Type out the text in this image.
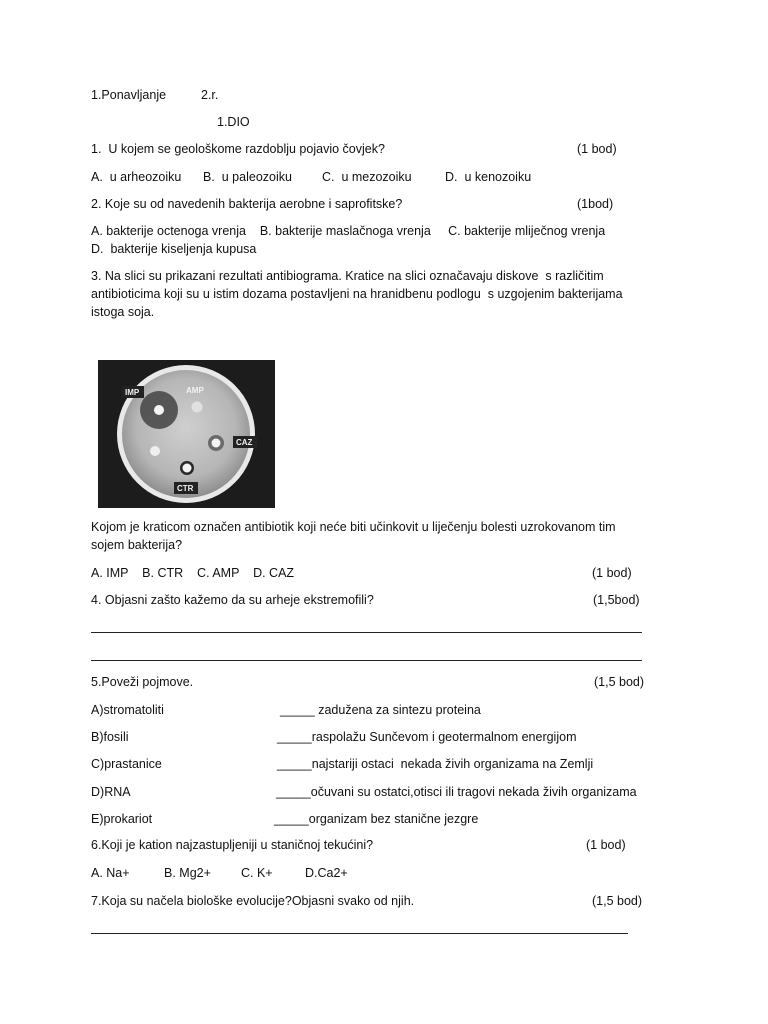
1.Ponavljanje	2.r.
1.DIO
1.  U kojem se geološkome razdoblju pojavio čovjek?	(1 bod)
A.  u arheozoiku B.  u paleozoiku C.  u mezozoiku	D.  u kenozoiku
2. Koje su od navedenih bakterija aerobne i saprofitske?	(1bod)
A. bakterije octenoga vrenja    B. bakterije maslačnoga vrenja     C. bakterije mliječnog vrenja
D.  bakterije kiseljenja kupusa
3. Na slici su prikazani rezultati antibiograma. Kratice na slici označavaju diskove  s različitim
antibioticima koji su u istim dozama postavljeni na hranidbenu podlogu  s uzgojenim bakterijama
istoga soja.
IMP	AMP
CAZ
CTR
Kojom je kraticom označen antibiotik koji neće biti učinkovit u liječenju bolesti uzrokovanom tim
sojem bakterija?
A. IMP    B. CTR    C. AMP    D. CAZ	(1 bod)
4. Objasni zašto kažemo da su arheje ekstremofili?	(1,5bod)
5.Poveži pojmove.	(1,5 bod)
A)stromatoliti	_____ zadužena za sintezu proteina
B)fosili	_____raspolažu Sunčevom i geotermalnom energijom
C)prastanice	_____najstariji ostaci  nekada živih organizama na Zemlji
D)RNA	_____očuvani su ostatci,otisci ili tragovi nekada živih organizama
E)prokariot	_____organizam bez stanične jezgre
6.Koji je kation najzastupljeniji u staničnoj tekućini?	(1 bod)
A. Na+	B. Mg2+ C. K+	D.Ca2+
7.Koja su načela biološke evolucije?Objasni svako od njih.	(1,5 bod)
